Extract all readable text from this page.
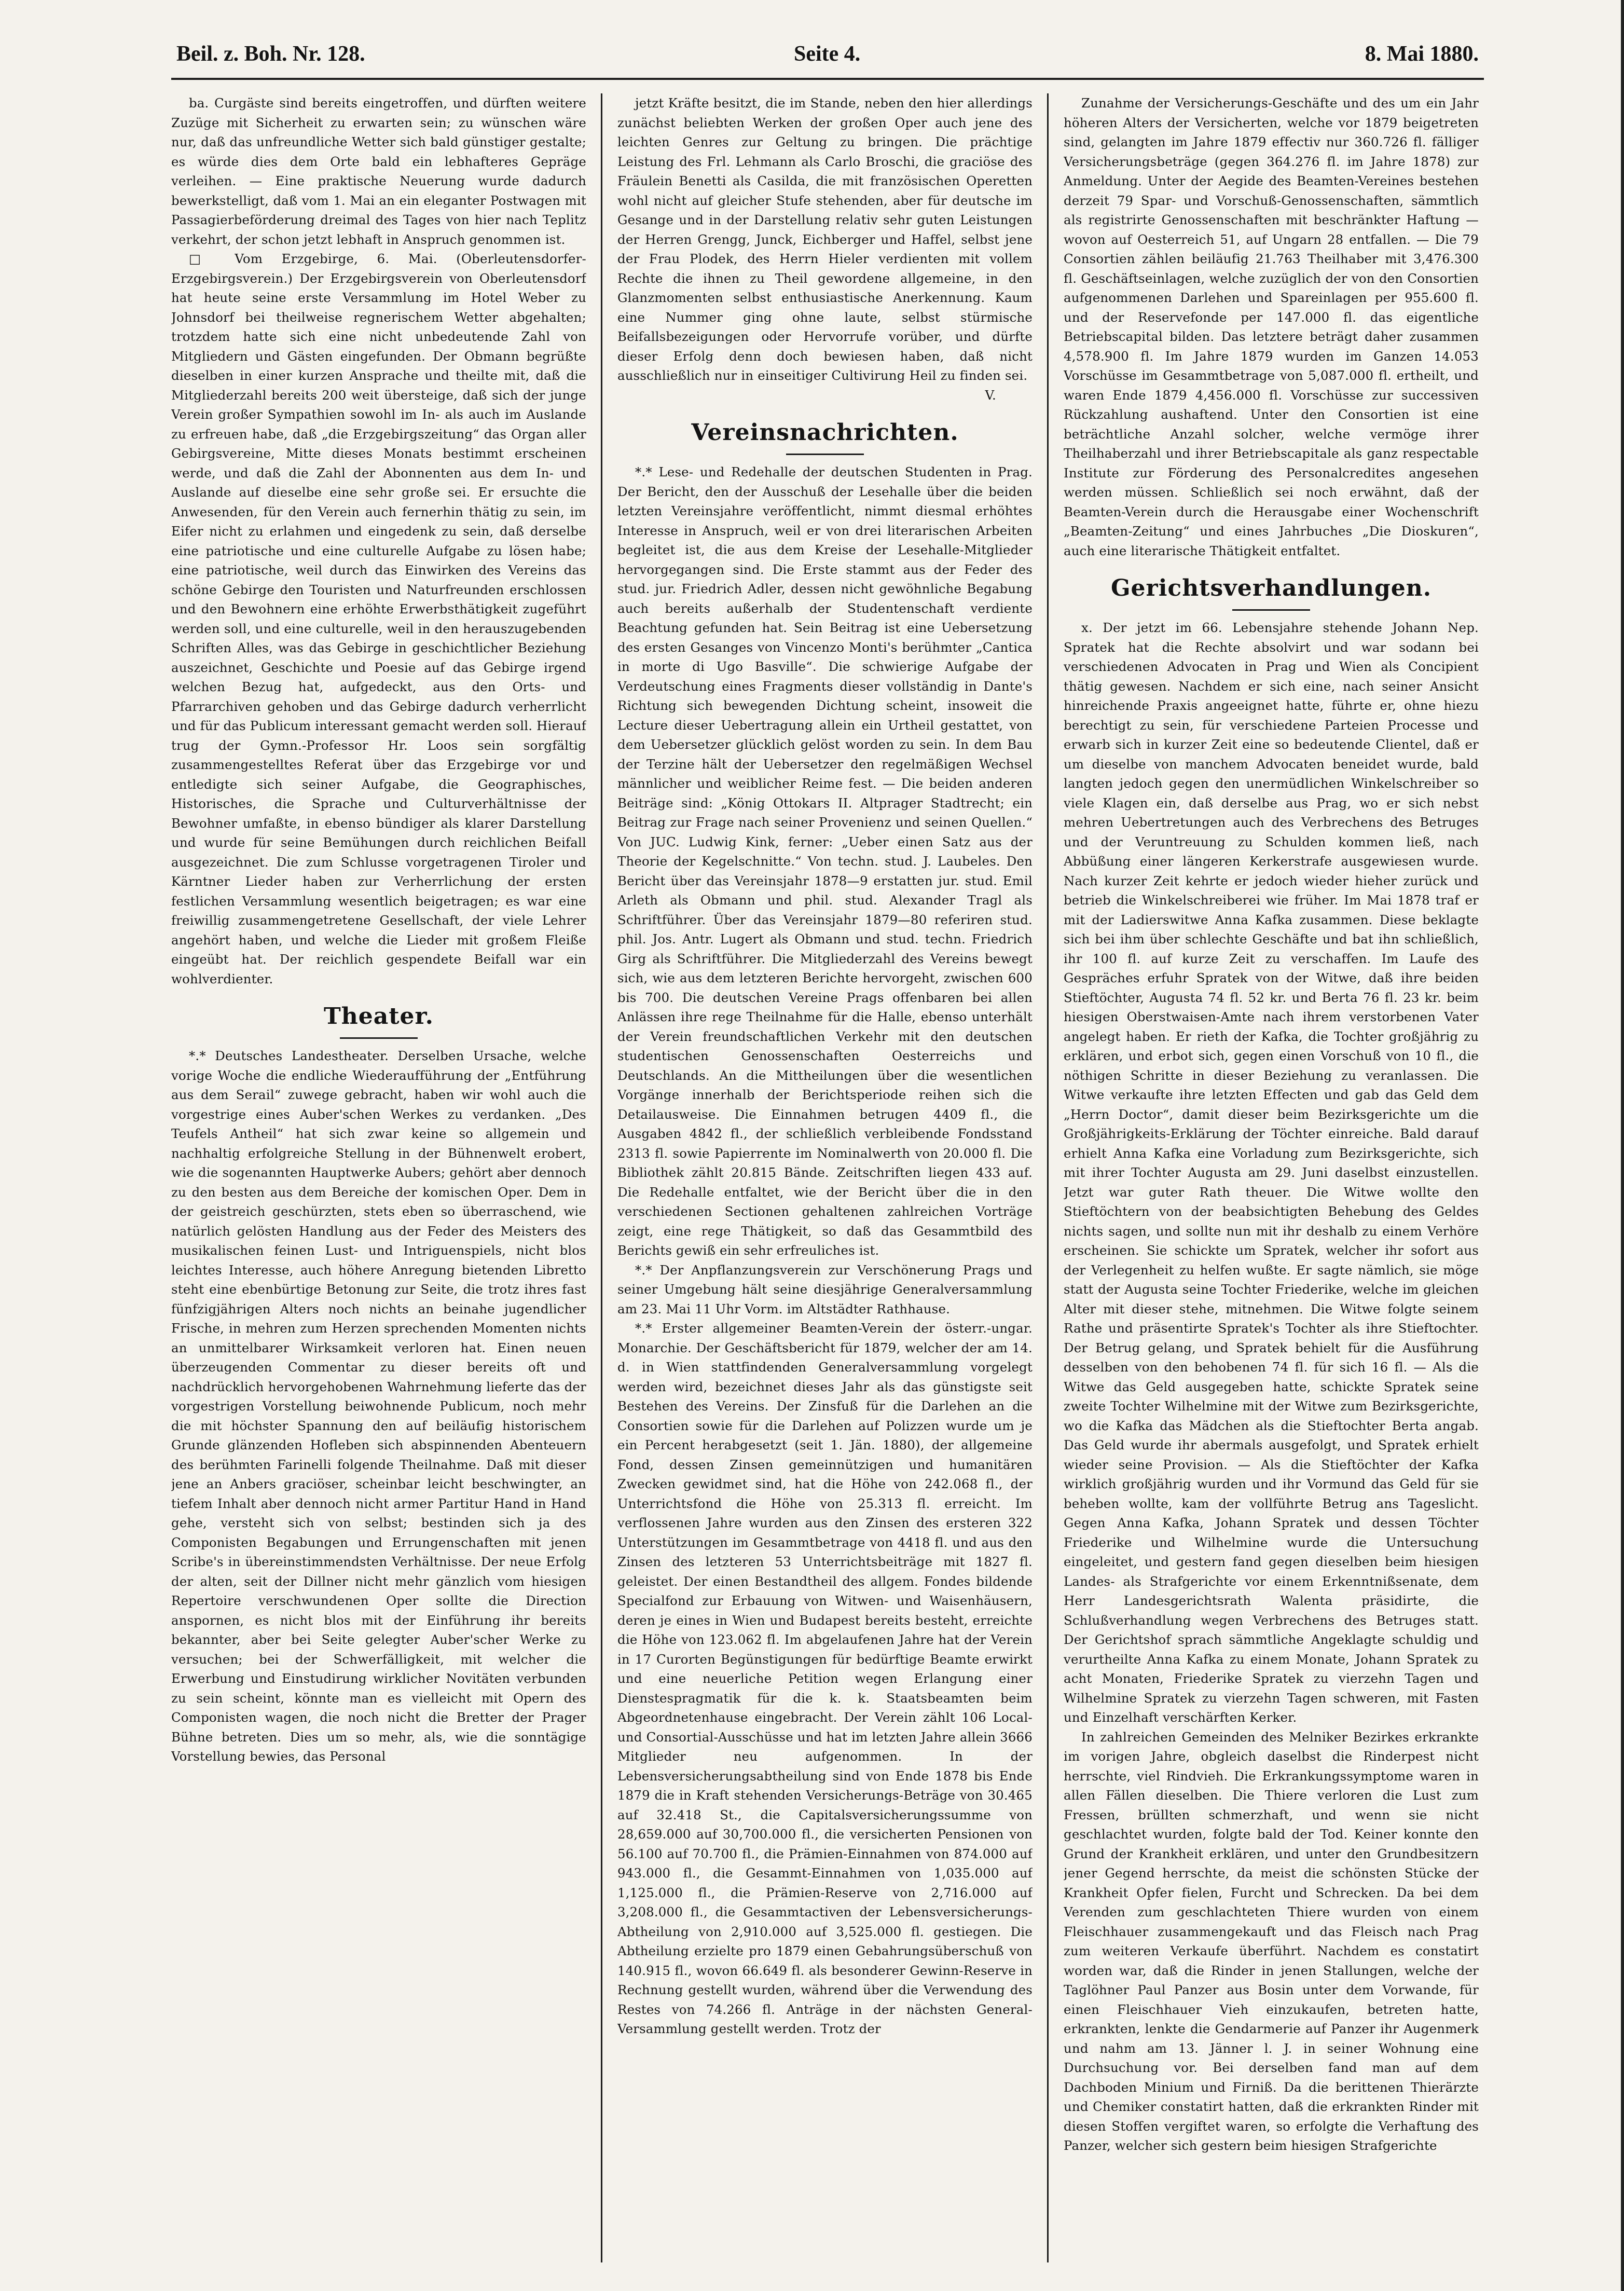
Beil. z. Boh. Nr. 128.	Seite 4.	8. Mai 1880.

ba. Curgäste sind bereits eingetroffen, und dürften weitere Zuzüge mit Sicherheit zu erwarten sein; zu wünschen wäre nur, daß das unfreundliche Wetter sich bald günstiger gestalte; es würde dies dem Orte bald ein lebhafteres Gepräge verleihen. — Eine praktische Neuerung wurde dadurch bewerkstelligt, daß vom 1. Mai an ein eleganter Postwagen mit Passagierbeförderung dreimal des Tages von hier nach Teplitz verkehrt, der schon jetzt lebhaft in Anspruch genommen ist.

□ Vom Erzgebirge, 6. Mai. (Oberleutensdorfer-Erzgebirgsverein.) Der Erzgebirgsverein von Oberleutensdorf hat heute seine erste Versammlung im Hotel Weber zu Johnsdorf bei theilweise regnerischem Wetter abgehalten; trotzdem hatte sich eine nicht unbedeutende Zahl von Mitgliedern und Gästen eingefunden. Der Obmann begrüßte dieselben in einer kurzen Ansprache und theilte mit, daß die Mitgliederzahl bereits 200 weit übersteige, daß sich der junge Verein großer Sympathien sowohl im In- als auch im Auslande zu erfreuen habe, daß „die Erzgebirgszeitung“ das Organ aller Gebirgsvereine, Mitte dieses Monats bestimmt erscheinen werde, und daß die Zahl der Abonnenten aus dem In- und Auslande auf dieselbe eine sehr große sei. Er ersuchte die Anwesenden, für den Verein auch fernerhin thätig zu sein, im Eifer nicht zu erlahmen und eingedenk zu sein, daß derselbe eine patriotische und eine culturelle Aufgabe zu lösen habe; eine patriotische, weil durch das Einwirken des Vereins das schöne Gebirge den Touristen und Naturfreunden erschlossen und den Bewohnern eine erhöhte Erwerbsthätigkeit zugeführt werden soll, und eine culturelle, weil in den herauszugebenden Schriften Alles, was das Gebirge in geschichtlicher Beziehung auszeichnet, Geschichte und Poesie auf das Gebirge irgend welchen Bezug hat, aufgedeckt, aus den Orts- und Pfarrarchiven gehoben und das Gebirge dadurch verherrlicht und für das Publicum interessant gemacht werden soll. Hierauf trug der Gymn.-Professor Hr. Loos sein sorgfältig zusammengestelltes Referat über das Erzgebirge vor und entledigte sich seiner Aufgabe, die Geographisches, Historisches, die Sprache und Culturverhältnisse der Bewohner umfaßte, in ebenso bündiger als klarer Darstellung und wurde für seine Bemühungen durch reichlichen Beifall ausgezeichnet. Die zum Schlusse vorgetragenen Tiroler und Kärntner Lieder haben zur Verherrlichung der ersten festlichen Versammlung wesentlich beigetragen; es war eine freiwillig zusammengetretene Gesellschaft, der viele Lehrer angehört haben, und welche die Lieder mit großem Fleiße eingeübt hat. Der reichlich gespendete Beifall war ein wohlverdienter.

Theater.

*.* Deutsches Landestheater. Derselben Ursache, welche vorige Woche die endliche Wiederaufführung der „Entführung aus dem Serail“ zuwege gebracht, haben wir wohl auch die vorgestrige eines Auber'schen Werkes zu verdanken. „Des Teufels Antheil“ hat sich zwar keine so allgemein und nachhaltig erfolgreiche Stellung in der Bühnenwelt erobert, wie die sogenannten Hauptwerke Aubers; gehört aber dennoch zu den besten aus dem Bereiche der komischen Oper. Dem in der geistreich geschürzten, stets eben so überraschend, wie natürlich gelösten Handlung aus der Feder des Meisters des musikalischen feinen Lust- und Intriguenspiels, nicht blos leichtes Interesse, auch höhere Anregung bietenden Libretto steht eine ebenbürtige Betonung zur Seite, die trotz ihres fast fünfzigjährigen Alters noch nichts an beinahe jugendlicher Frische, in mehren zum Herzen sprechenden Momenten nichts an unmittelbarer Wirksamkeit verloren hat. Einen neuen überzeugenden Commentar zu dieser bereits oft und nachdrücklich hervorgehobenen Wahrnehmung lieferte das der vorgestrigen Vorstellung beiwohnende Publicum, noch mehr die mit höchster Spannung den auf beiläufig historischem Grunde glänzenden Hofleben sich abspinnenden Abenteuern des berühmten Farinelli folgende Theilnahme. Daß mit dieser jene an Anbers graciöser, scheinbar leicht beschwingter, an tiefem Inhalt aber dennoch nicht armer Partitur Hand in Hand gehe, versteht sich von selbst; bestinden sich ja des Componisten Begabungen und Errungenschaften mit jenen Scribe's in übereinstimmendsten Verhältnisse. Der neue Erfolg der alten, seit der Dillner nicht mehr gänzlich vom hiesigen Repertoire verschwundenen Oper sollte die Direction anspornen, es nicht blos mit der Einführung ihr bereits bekannter, aber bei Seite gelegter Auber'scher Werke zu versuchen; bei der Schwerfälligkeit, mit welcher die Erwerbung und Einstudirung wirklicher Novitäten verbunden zu sein scheint, könnte man es vielleicht mit Opern des Componisten wagen, die noch nicht die Bretter der Prager Bühne betreten. Dies um so mehr, als, wie die sonntägige Vorstellung bewies, das Personal

jetzt Kräfte besitzt, die im Stande, neben den hier allerdings zunächst beliebten Werken der großen Oper auch jene des leichten Genres zur Geltung zu bringen. Die prächtige Leistung des Frl. Lehmann als Carlo Broschi, die graciöse des Fräulein Benetti als Casilda, die mit französischen Operetten wohl nicht auf gleicher Stufe stehenden, aber für deutsche im Gesange und in der Darstellung relativ sehr guten Leistungen der Herren Grengg, Junck, Eichberger und Haffel, selbst jene der Frau Plodek, des Herrn Hieler verdienten mit vollem Rechte die ihnen zu Theil gewordene allgemeine, in den Glanzmomenten selbst enthusiastische Anerkennung. Kaum eine Nummer ging ohne laute, selbst stürmische Beifallsbezeigungen oder Hervorrufe vorüber, und dürfte dieser Erfolg denn doch bewiesen haben, daß nicht ausschließlich nur in einseitiger Cultivirung Heil zu finden sei.

V.
Vereinsnachrichten.

*.* Lese- und Redehalle der deutschen Studenten in Prag. Der Bericht, den der Ausschuß der Lesehalle über die beiden letzten Vereinsjahre veröffentlicht, nimmt diesmal erhöhtes Interesse in Anspruch, weil er von drei literarischen Arbeiten begleitet ist, die aus dem Kreise der Lesehalle-Mitglieder hervorgegangen sind. Die Erste stammt aus der Feder des stud. jur. Friedrich Adler, dessen nicht gewöhnliche Begabung auch bereits außerhalb der Studentenschaft verdiente Beachtung gefunden hat. Sein Beitrag ist eine Uebersetzung des ersten Gesanges von Vincenzo Monti's berühmter „Cantica in morte di Ugo Basville“. Die schwierige Aufgabe der Verdeutschung eines Fragments dieser vollständig in Dante's Richtung sich bewegenden Dichtung scheint, insoweit die Lecture dieser Uebertragung allein ein Urtheil gestattet, von dem Uebersetzer glücklich gelöst worden zu sein. In dem Bau der Terzine hält der Uebersetzer den regelmäßigen Wechsel männlicher und weiblicher Reime fest. — Die beiden anderen Beiträge sind: „König Ottokars II. Altprager Stadtrecht; ein Beitrag zur Frage nach seiner Provenienz und seinen Quellen.“ Von JUC. Ludwig Kink, ferner: „Ueber einen Satz aus der Theorie der Kegelschnitte.“ Von techn. stud. J. Laubeles. Den Bericht über das Vereinsjahr 1878—9 erstatten jur. stud. Emil Arleth als Obmann und phil. stud. Alexander Tragl als Schriftführer. Über das Vereinsjahr 1879—80 referiren stud. phil. Jos. Antr. Lugert als Obmann und stud. techn. Friedrich Girg als Schriftführer. Die Mitgliederzahl des Vereins bewegt sich, wie aus dem letzteren Berichte hervorgeht, zwischen 600 bis 700. Die deutschen Vereine Prags offenbaren bei allen Anlässen ihre rege Theilnahme für die Halle, ebenso unterhält der Verein freundschaftlichen Verkehr mit den deutschen studentischen Genossenschaften Oesterreichs und Deutschlands. An die Mittheilungen über die wesentlichen Vorgänge innerhalb der Berichtsperiode reihen sich die Detailausweise. Die Einnahmen betrugen 4409 fl., die Ausgaben 4842 fl., der schließlich verbleibende Fondsstand 2313 fl. sowie Papierrente im Nominalwerth von 20.000 fl. Die Bibliothek zählt 20.815 Bände. Zeitschriften liegen 433 auf. Die Redehalle entfaltet, wie der Bericht über die in den verschiedenen Sectionen gehaltenen zahlreichen Vorträge zeigt, eine rege Thätigkeit, so daß das Gesammtbild des Berichts gewiß ein sehr erfreuliches ist.

*.* Der Anpflanzungsverein zur Verschönerung Prags und seiner Umgebung hält seine diesjährige Generalversammlung am 23. Mai 11 Uhr Vorm. im Altstädter Rathhause.

*.* Erster allgemeiner Beamten-Verein der österr.-ungar. Monarchie. Der Geschäftsbericht für 1879, welcher der am 14. d. in Wien stattfindenden Generalversammlung vorgelegt werden wird, bezeichnet dieses Jahr als das günstigste seit Bestehen des Vereins. Der Zinsfuß für die Darlehen an die Consortien sowie für die Darlehen auf Polizzen wurde um je ein Percent herabgesetzt (seit 1. Jän. 1880), der allgemeine Fond, dessen Zinsen gemeinnützigen und humanitären Zwecken gewidmet sind, hat die Höhe von 242.068 fl., der Unterrichtsfond die Höhe von 25.313 fl. erreicht. Im verflossenen Jahre wurden aus den Zinsen des ersteren 322 Unterstützungen im Gesammtbetrage von 4418 fl. und aus den Zinsen des letzteren 53 Unterrichtsbeiträge mit 1827 fl. geleistet. Der einen Bestandtheil des allgem. Fondes bildende Specialfond zur Erbauung von Witwen- und Waisenhäusern, deren je eines in Wien und Budapest bereits besteht, erreichte die Höhe von 123.062 fl. Im abgelaufenen Jahre hat der Verein in 17 Curorten Begünstigungen für bedürftige Beamte erwirkt und eine neuerliche Petition wegen Erlangung einer Dienstespragmatik für die k. k. Staatsbeamten beim Abgeordnetenhause eingebracht. Der Verein zählt 106 Local- und Consortial-Ausschüsse und hat im letzten Jahre allein 3666 Mitglieder neu aufgenommen. In der Lebensversicherungsabtheilung sind von Ende 1878 bis Ende 1879 die in Kraft stehenden Versicherungs-Beträge von 30.465 auf 32.418 St., die Capitalsversicherungssumme von 28,659.000 auf 30,700.000 fl., die versicherten Pensionen von 56.100 auf 70.700 fl., die Prämien-Einnahmen von 874.000 auf 943.000 fl., die Gesammt-Einnahmen von 1,035.000 auf 1,125.000 fl., die Prämien-Reserve von 2,716.000 auf 3,208.000 fl., die Gesammtactiven der Lebensversicherungs-Abtheilung von 2,910.000 auf 3,525.000 fl. gestiegen. Die Abtheilung erzielte pro 1879 einen Gebahrungsüberschuß von 140.915 fl., wovon 66.649 fl. als besonderer Gewinn-Reserve in Rechnung gestellt wurden, während über die Verwendung des Restes von 74.266 fl. Anträge in der nächsten General-Versammlung gestellt werden. Trotz der

Zunahme der Versicherungs-Geschäfte und des um ein Jahr höheren Alters der Versicherten, welche vor 1879 beigetreten sind, gelangten im Jahre 1879 effectiv nur 360.726 fl. fälliger Versicherungsbeträge (gegen 364.276 fl. im Jahre 1878) zur Anmeldung. Unter der Aegide des Beamten-Vereines bestehen derzeit 79 Spar- und Vorschuß-Genossenschaften, sämmtlich als registrirte Genossenschaften mit beschränkter Haftung — wovon auf Oesterreich 51, auf Ungarn 28 entfallen. — Die 79 Consortien zählen beiläufig 21.763 Theilhaber mit 3,476.300 fl. Geschäftseinlagen, welche zuzüglich der von den Consortien aufgenommenen Darlehen und Spareinlagen per 955.600 fl. und der Reservefonde per 147.000 fl. das eigentliche Betriebscapital bilden. Das letztere beträgt daher zusammen 4,578.900 fl. Im Jahre 1879 wurden im Ganzen 14.053 Vorschüsse im Gesammtbetrage von 5,087.000 fl. ertheilt, und waren Ende 1879 4,456.000 fl. Vorschüsse zur successiven Rückzahlung aushaftend. Unter den Consortien ist eine beträchtliche Anzahl solcher, welche vermöge ihrer Theilhaberzahl und ihrer Betriebscapitale als ganz respectable Institute zur Förderung des Personalcredites angesehen werden müssen. Schließlich sei noch erwähnt, daß der Beamten-Verein durch die Herausgabe einer Wochenschrift „Beamten-Zeitung“ und eines Jahrbuches „Die Dioskuren“, auch eine literarische Thätigkeit entfaltet.

Gerichtsverhandlungen.

x. Der jetzt im 66. Lebensjahre stehende Johann Nep. Spratek hat die Rechte absolvirt und war sodann bei verschiedenen Advocaten in Prag und Wien als Concipient thätig gewesen. Nachdem er sich eine, nach seiner Ansicht hinreichende Praxis angeeignet hatte, führte er, ohne hiezu berechtigt zu sein, für verschiedene Parteien Processe und erwarb sich in kurzer Zeit eine so bedeutende Clientel, daß er um dieselbe von manchem Advocaten beneidet wurde, bald langten jedoch gegen den unermüdlichen Winkelschreiber so viele Klagen ein, daß derselbe aus Prag, wo er sich nebst mehren Uebertretungen auch des Verbrechens des Betruges und der Veruntreuung zu Schulden kommen ließ, nach Abbüßung einer längeren Kerkerstrafe ausgewiesen wurde. Nach kurzer Zeit kehrte er jedoch wieder hieher zurück und betrieb die Winkelschreiberei wie früher. Im Mai 1878 traf er mit der Ladierswitwe Anna Kafka zusammen. Diese beklagte sich bei ihm über schlechte Geschäfte und bat ihn schließlich, ihr 100 fl. auf kurze Zeit zu verschaffen. Im Laufe des Gespräches erfuhr Spratek von der Witwe, daß ihre beiden Stieftöchter, Augusta 74 fl. 52 kr. und Berta 76 fl. 23 kr. beim hiesigen Oberstwaisen-Amte nach ihrem verstorbenen Vater angelegt haben. Er rieth der Kafka, die Tochter großjährig zu erklären, und erbot sich, gegen einen Vorschuß von 10 fl., die nöthigen Schritte in dieser Beziehung zu veranlassen. Die Witwe verkaufte ihre letzten Effecten und gab das Geld dem „Herrn Doctor“, damit dieser beim Bezirksgerichte um die Großjährigkeits-Erklärung der Töchter einreiche. Bald darauf erhielt Anna Kafka eine Vorladung zum Bezirksgerichte, sich mit ihrer Tochter Augusta am 29. Juni daselbst einzustellen. Jetzt war guter Rath theuer. Die Witwe wollte den Stieftöchtern von der beabsichtigten Behebung des Geldes nichts sagen, und sollte nun mit ihr deshalb zu einem Verhöre erscheinen. Sie schickte um Spratek, welcher ihr sofort aus der Verlegenheit zu helfen wußte. Er sagte nämlich, sie möge statt der Augusta seine Tochter Friederike, welche im gleichen Alter mit dieser stehe, mitnehmen. Die Witwe folgte seinem Rathe und präsentirte Spratek's Tochter als ihre Stieftochter. Der Betrug gelang, und Spratek behielt für die Ausführung desselben von den behobenen 74 fl. für sich 16 fl. — Als die Witwe das Geld ausgegeben hatte, schickte Spratek seine zweite Tochter Wilhelmine mit der Witwe zum Bezirksgerichte, wo die Kafka das Mädchen als die Stieftochter Berta angab. Das Geld wurde ihr abermals ausgefolgt, und Spratek erhielt wieder seine Provision. — Als die Stieftöchter der Kafka wirklich großjährig wurden und ihr Vormund das Geld für sie beheben wollte, kam der vollführte Betrug ans Tageslicht. Gegen Anna Kafka, Johann Spratek und dessen Töchter Friederike und Wilhelmine wurde die Untersuchung eingeleitet, und gestern fand gegen dieselben beim hiesigen Landes- als Strafgerichte vor einem Erkenntnißsenate, dem Herr Landesgerichtsrath Walenta präsidirte, die Schlußverhandlung wegen Verbrechens des Betruges statt. Der Gerichtshof sprach sämmtliche Angeklagte schuldig und verurtheilte Anna Kafka zu einem Monate, Johann Spratek zu acht Monaten, Friederike Spratek zu vierzehn Tagen und Wilhelmine Spratek zu vierzehn Tagen schweren, mit Fasten und Einzelhaft verschärften Kerker.

In zahlreichen Gemeinden des Melniker Bezirkes erkrankte im vorigen Jahre, obgleich daselbst die Rinderpest nicht herrschte, viel Rindvieh. Die Erkrankungssymptome waren in allen Fällen dieselben. Die Thiere verloren die Lust zum Fressen, brüllten schmerzhaft, und wenn sie nicht geschlachtet wurden, folgte bald der Tod. Keiner konnte den Grund der Krankheit erklären, und unter den Grundbesitzern jener Gegend herrschte, da meist die schönsten Stücke der Krankheit Opfer fielen, Furcht und Schrecken. Da bei dem Verenden zum geschlachteten Thiere wurden von einem Fleischhauer zusammengekauft und das Fleisch nach Prag zum weiteren Verkaufe überführt. Nachdem es constatirt worden war, daß die Rinder in jenen Stallungen, welche der Taglöhner Paul Panzer aus Bosin unter dem Vorwande, für einen Fleischhauer Vieh einzukaufen, betreten hatte, erkrankten, lenkte die Gendarmerie auf Panzer ihr Augenmerk und nahm am 13. Jänner l. J. in seiner Wohnung eine Durchsuchung vor. Bei derselben fand man auf dem Dachboden Minium und Firniß. Da die berittenen Thierärzte und Chemiker constatirt hatten, daß die erkrankten Rinder mit diesen Stoffen vergiftet waren, so erfolgte die Verhaftung des Panzer, welcher sich gestern beim hiesigen Strafgerichte
